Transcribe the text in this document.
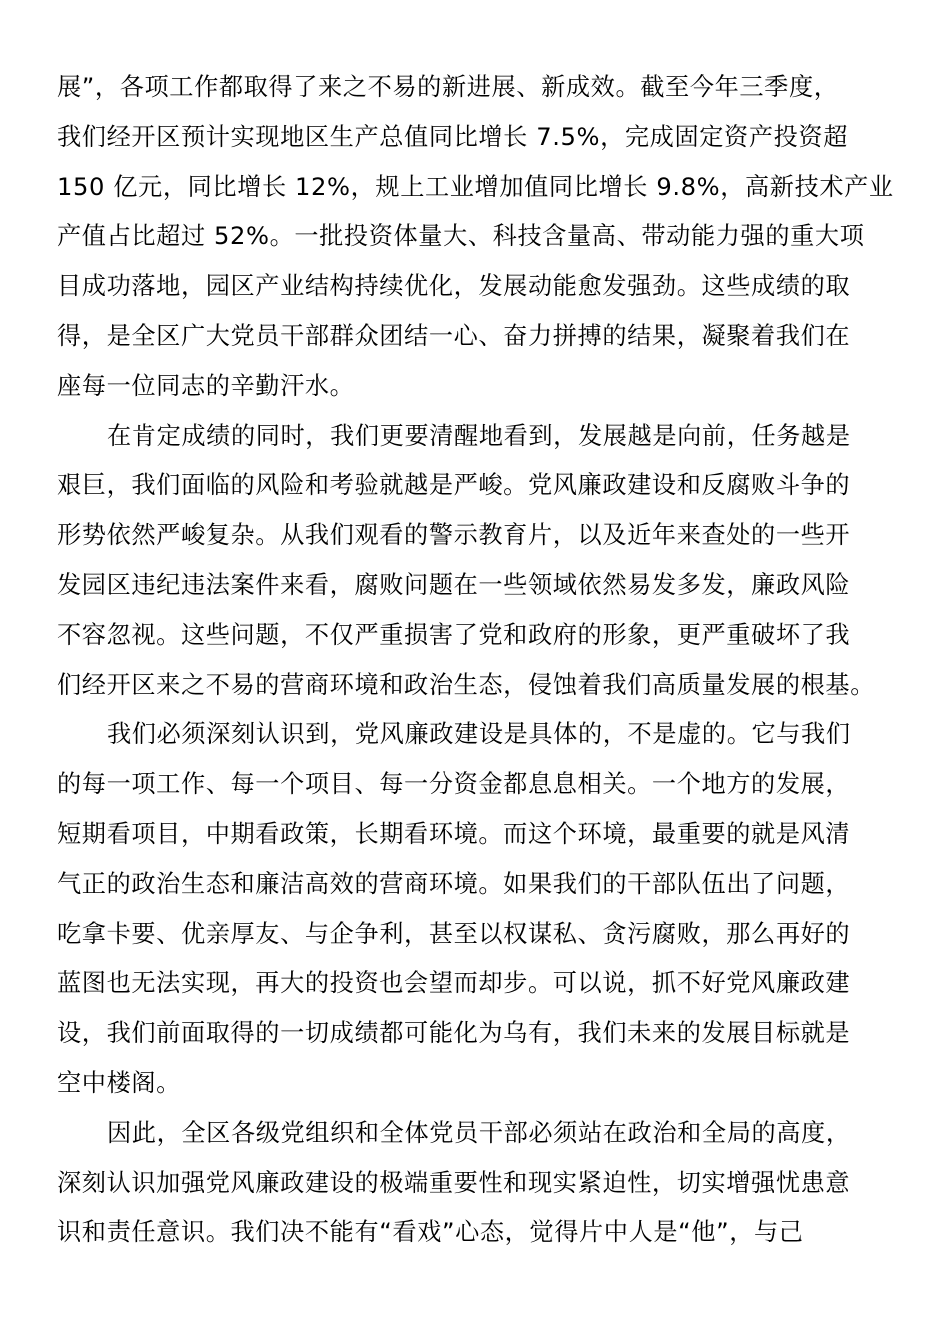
展”，各项工作都取得了来之不易的新进展、新成效。截至今年三季度，
我们经开区预计实现地区生产总值同比增长 7.5%，完成固定资产投资超
150 亿元，同比增长 12%，规上工业增加值同比增长 9.8%，高新技术产业
产值占比超过 52%。一批投资体量大、科技含量高、带动能力强的重大项
目成功落地，园区产业结构持续优化，发展动能愈发强劲。这些成绩的取
得，是全区广大党员干部群众团结一心、奋力拼搏的结果，凝聚着我们在
座每一位同志的辛勤汗水。
在肯定成绩的同时，我们更要清醒地看到，发展越是向前，任务越是
艰巨，我们面临的风险和考验就越是严峻。党风廉政建设和反腐败斗争的
形势依然严峻复杂。从我们观看的警示教育片，以及近年来查处的一些开
发园区违纪违法案件来看，腐败问题在一些领域依然易发多发，廉政风险
不容忽视。这些问题，不仅严重损害了党和政府的形象，更严重破坏了我
们经开区来之不易的营商环境和政治生态，侵蚀着我们高质量发展的根基。
我们必须深刻认识到，党风廉政建设是具体的，不是虚的。它与我们
的每一项工作、每一个项目、每一分资金都息息相关。一个地方的发展，
短期看项目，中期看政策，长期看环境。而这个环境，最重要的就是风清
气正的政治生态和廉洁高效的营商环境。如果我们的干部队伍出了问题，
吃拿卡要、优亲厚友、与企争利，甚至以权谋私、贪污腐败，那么再好的
蓝图也无法实现，再大的投资也会望而却步。可以说，抓不好党风廉政建
设，我们前面取得的一切成绩都可能化为乌有，我们未来的发展目标就是
空中楼阁。
因此，全区各级党组织和全体党员干部必须站在政治和全局的高度，
深刻认识加强党风廉政建设的极端重要性和现实紧迫性，切实增强忧患意
识和责任意识。我们决不能有“看戏”心态，觉得片中人是“他”，与己
